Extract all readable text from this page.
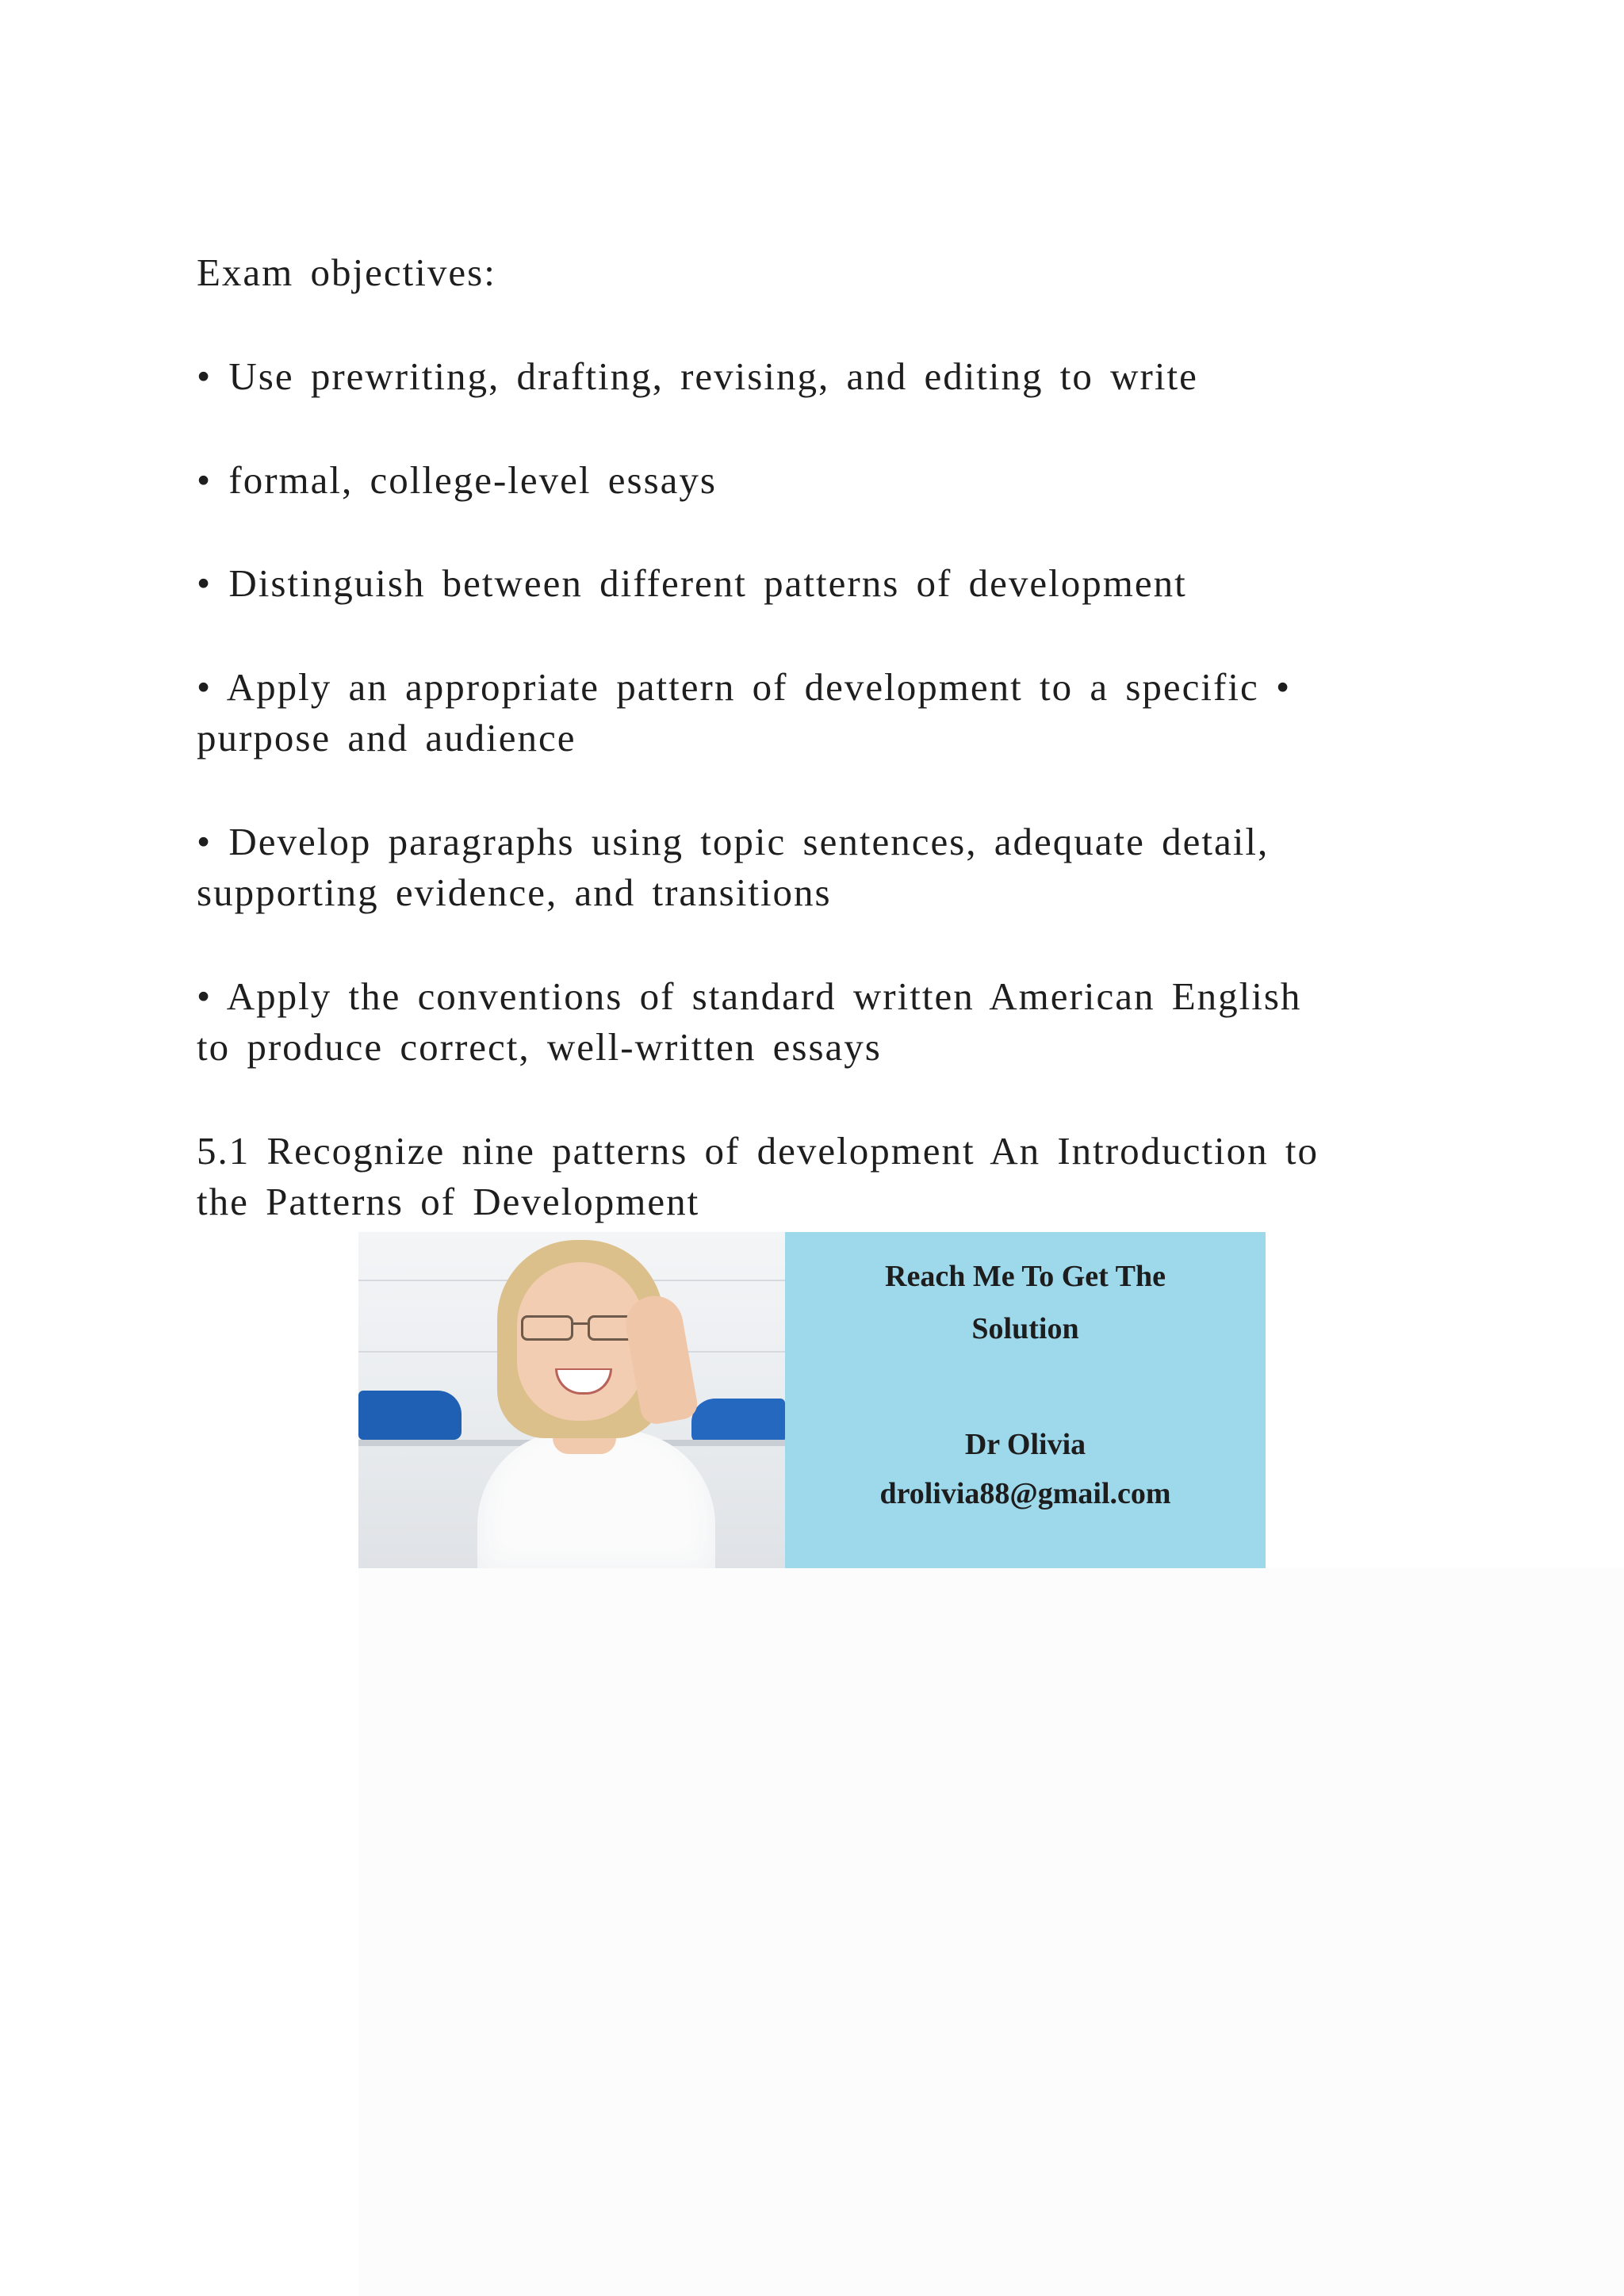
Exam objectives:
• Use prewriting, drafting, revising, and editing to write
• formal, college-level essays
• Distinguish between different patterns of development
• Apply an appropriate pattern of development to a specific •
purpose and audience
• Develop paragraphs using topic sentences, adequate detail,
supporting evidence, and transitions
• Apply the conventions of standard written American English
to produce correct, well-written essays
5.1 Recognize nine patterns of development An Introduction to
the Patterns of Development
Reach Me To Get The
Solution
Dr Olivia
drolivia88@gmail.com
